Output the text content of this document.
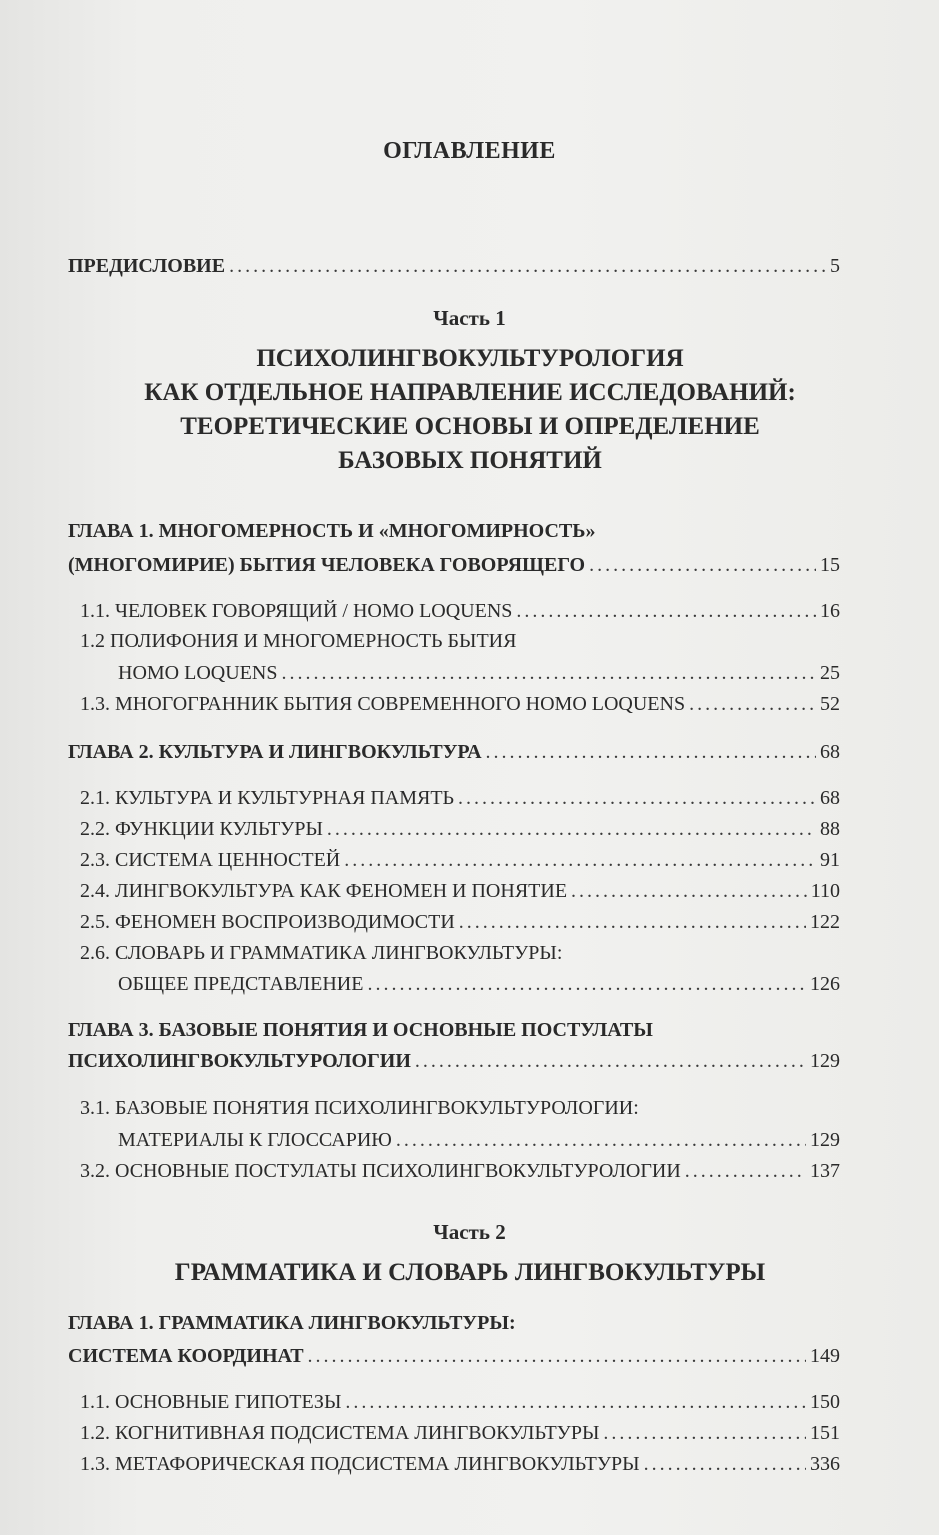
ОГЛАВЛЕНИЕ
ПРЕДИСЛОВИЕ . . .	5
Часть 1
ПСИХОЛИНГВОКУЛЬТУРОЛОГИЯ
КАК ОТДЕЛЬНОЕ НАПРАВЛЕНИЕ ИССЛЕДОВАНИЙ:
ТЕОРЕТИЧЕСКИЕ ОСНОВЫ И ОПРЕДЕЛЕНИЕ
БАЗОВЫХ ПОНЯТИЙ
ГЛАВА 1. МНОГОМЕРНОСТЬ И «МНОГОМИРНОСТЬ»
(МНОГОМИРИЕ) БЫТИЯ ЧЕЛОВЕКА ГОВОРЯЩЕГО . . .	15
1.1. ЧЕЛОВЕК ГОВОРЯЩИЙ / HOMO LOQUENS . . .	16
1.2 ПОЛИФОНИЯ И МНОГОМЕРНОСТЬ БЫТИЯ
HOMO LOQUENS . . .	25
1.3. МНОГОГРАННИК БЫТИЯ СОВРЕМЕННОГО HOMO LOQUENS . . .	52
ГЛАВА 2. КУЛЬТУРА И ЛИНГВОКУЛЬТУРА . . .	68
2.1. КУЛЬТУРА И КУЛЬТУРНАЯ ПАМЯТЬ . . .	68
2.2. ФУНКЦИИ КУЛЬТУРЫ . . .	88
2.3. СИСТЕМА ЦЕННОСТЕЙ . . .	91
2.4. ЛИНГВОКУЛЬТУРА КАК ФЕНОМЕН И ПОНЯТИЕ . . .	110
2.5. ФЕНОМЕН ВОСПРОИЗВОДИМОСТИ . . .	122
2.6. СЛОВАРЬ И ГРАММАТИКА ЛИНГВОКУЛЬТУРЫ:
ОБЩЕЕ ПРЕДСТАВЛЕНИЕ . . .	126
ГЛАВА 3. БАЗОВЫЕ ПОНЯТИЯ И ОСНОВНЫЕ ПОСТУЛАТЫ
ПСИХОЛИНГВОКУЛЬТУРОЛОГИИ . . .	129
3.1. БАЗОВЫЕ ПОНЯТИЯ ПСИХОЛИНГВОКУЛЬТУРОЛОГИИ:
МАТЕРИАЛЫ К ГЛОССАРИЮ . . .	129
3.2. ОСНОВНЫЕ ПОСТУЛАТЫ ПСИХОЛИНГВОКУЛЬТУРОЛОГИИ . . .	137
Часть 2
ГРАММАТИКА И СЛОВАРЬ ЛИНГВОКУЛЬТУРЫ
ГЛАВА 1. ГРАММАТИКА ЛИНГВОКУЛЬТУРЫ:
СИСТЕМА КООРДИНАТ . . .	149
1.1. ОСНОВНЫЕ ГИПОТЕЗЫ . . .	150
1.2. КОГНИТИВНАЯ ПОДСИСТЕМА ЛИНГВОКУЛЬТУРЫ . . .	151
1.3. МЕТАФОРИЧЕСКАЯ ПОДСИСТЕМА ЛИНГВОКУЛЬТУРЫ . . .	336
